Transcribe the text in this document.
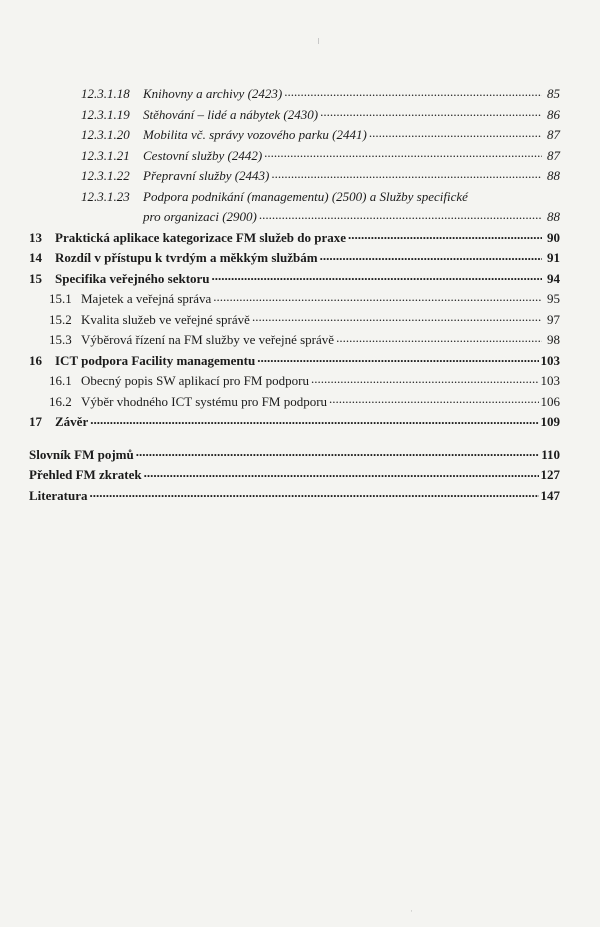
12.3.1.18	Knihovny a archivy (2423) .....	85
12.3.1.19	Stěhování – lidé a nábytek (2430) .....	86
12.3.1.20	Mobilita vč. správy vozového parku (2441) .....	87
12.3.1.21	Cestovní služby (2442) .....	87
12.3.1.22	Přepravní služby (2443) .....	88
12.3.1.23	Podpora podnikání (managementu) (2500) a Služby specifické
pro organizaci (2900) .....	88
13	Praktická aplikace kategorizace FM služeb do praxe .....	90
14	Rozdíl v přístupu k tvrdým a měkkým službám .....	91
15	Specifika veřejného sektoru .....	94
15.1 Majetek a veřejná správa .....	95
15.2 Kvalita služeb ve veřejné správě .....	97
15.3 Výběrová řízení na FM služby ve veřejné správě .....	98
16	ICT podpora Facility managementu .....	103
16.1 Obecný popis SW aplikací pro FM podporu .....	103
16.2 Výběr vhodného ICT systému pro FM podporu .....	106
17	Závěr .....	109
Slovník FM pojmů .....	110
Přehled FM zkratek .....	127
Literatura .....	147
·
